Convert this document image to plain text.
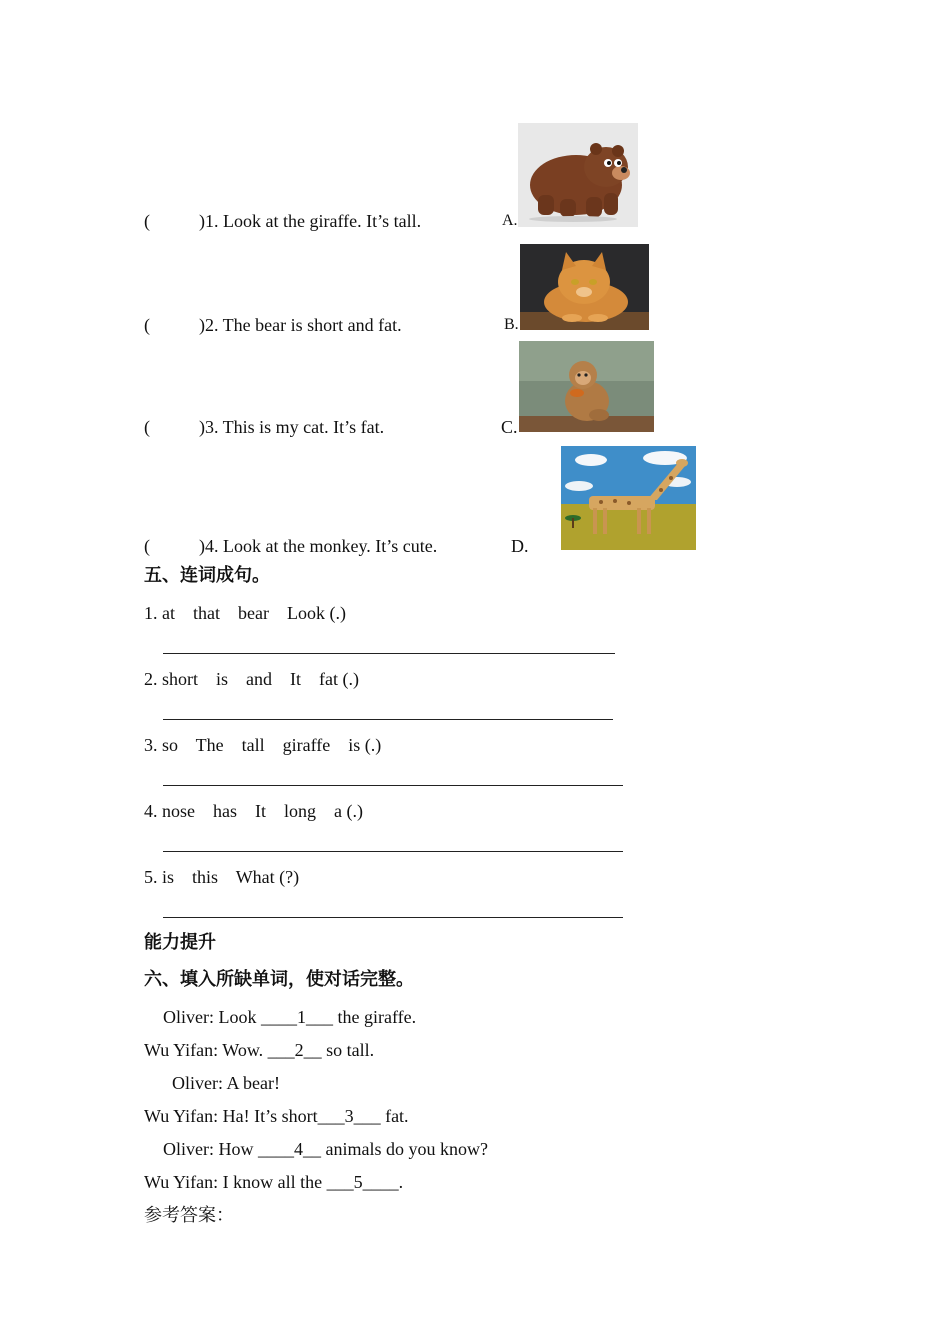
(	)1. Look at the giraffe. It’s tall.	A.
(	)2. The bear is short and fat.	B.
(	)3. This is my cat. It’s fat.	C.
(	)4. Look at the monkey. It’s cute.	D.
五、连词成句。
1. at    that    bear    Look (.)
2. short    is    and    It    fat (.)
3. so    The    tall    giraffe    is (.)
4. nose    has    It    long    a (.)
5. is    this    What (?)
能力提升
六、填入所缺单词，使对话完整。
Oliver: Look ____1___ the giraffe.
Wu Yifan: Wow. ___2__ so tall.
Oliver: A bear!
Wu Yifan: Ha! It’s short___3___ fat.
Oliver: How ____4__ animals do you know?
Wu Yifan: I know all the ___5____.
参考答案：
